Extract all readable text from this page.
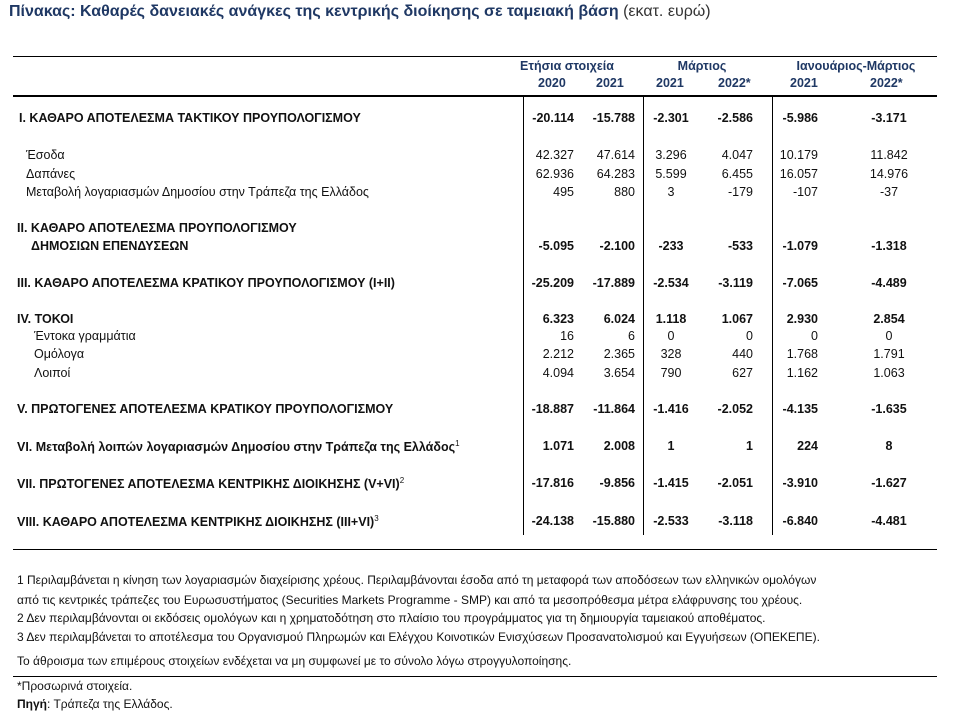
Πίνακας: Καθαρές δανειακές ανάγκες της κεντρικής διοίκησης σε ταμειακή βάση (εκατ. ευρώ)
Ετήσια στοιχεία	Μάρτιος	Ιανουάριος-Μάρτιος
2020 2021	2021	2022*	2021	2022*
I. ΚΑΘΑΡΟ ΑΠΟΤΕΛΕΣΜΑ ΤΑΚΤΙΚΟΥ ΠΡΟΥΠΟΛΟΓΙΣΜΟΥ	-20.114	-15.788	-2.301	-2.586	-5.986	-3.171
Έσοδα	42.327	47.614	3.296	4.047	10.179	11.842
Δαπάνες	62.936	64.283	5.599	6.455	16.057	14.976
Μεταβολή λογαριασμών Δημοσίου στην Τράπεζα της Ελλάδος	495	880	3	-179	-107	-37
II. ΚΑΘΑΡΟ ΑΠΟΤΕΛΕΣΜΑ ΠΡΟΥΠΟΛΟΓΙΣΜΟΥ
ΔΗΜΟΣΙΩΝ ΕΠΕΝΔΥΣΕΩΝ	-5.095	-2.100	-233	-533	-1.079	-1.318
III. ΚΑΘΑΡΟ ΑΠΟΤΕΛΕΣΜΑ ΚΡΑΤΙΚΟΥ ΠΡΟΥΠΟΛΟΓΙΣΜΟΥ (I+II)	-25.209	-17.889	-2.534	-3.119	-7.065	-4.489
IV. ΤΟΚΟΙ	6.323	6.024	1.118	1.067	2.930	2.854
Έντοκα γραμμάτια	16	6	0	0	0	0
Ομόλογα	2.212	2.365	328	440	1.768	1.791
Λοιποί	4.094	3.654	790	627	1.162	1.063
V. ΠΡΩΤΟΓΕΝΕΣ ΑΠΟΤΕΛΕΣΜΑ ΚΡΑΤΙΚΟΥ ΠΡΟΥΠΟΛΟΓΙΣΜΟΥ	-18.887	-11.864	-1.416	-2.052	-4.135	-1.635
VI. Μεταβολή λοιπών λογαριασμών Δημοσίου στην Τράπεζα της Ελλάδος$^1$	1.071	2.008	1	1	224	8
VII. ΠΡΩΤΟΓΕΝΕΣ ΑΠΟΤΕΛΕΣΜΑ ΚΕΝΤΡΙΚΗΣ ΔΙΟΙΚΗΣΗΣ $(V+VI)^2$	-17.816	-9.856	-1.415	-2.051	-3.910	-1.627
VIII. ΚΑΘΑΡΟ ΑΠΟΤΕΛΕΣΜΑ ΚΕΝΤΡΙΚΗΣ ΔΙΟΙΚΗΣΗΣ $(III+VI)^3$	-24.138	-15.880	-2.533	-3.118	-6.840	-4.481
1 Περιλαμβάνεται η κίνηση των λογαριασμών διαχείρισης χρέους. Περιλαμβάνονται έσοδα από τη μεταφορά των αποδόσεων των ελληνικών ομολόγων
από τις κεντρικές τράπεζες του Ευρωσυστήματος (Securities Markets Programme - SMP) και από τα μεσοπρόθεσμα μέτρα ελάφρυνσης του χρέους.
2 Δεν περιλαμβάνονται οι εκδόσεις ομολόγων και η χρηματοδότηση στο πλαίσιο του προγράμματος για τη δημιουργία ταμειακού αποθέματος.
3 Δεν περιλαμβάνεται το αποτέλεσμα του Οργανισμού Πληρωμών και Ελέγχου Κοινοτικών Ενισχύσεων Προσανατολισμού και Εγγυήσεων (ΟΠΕΚΕΠΕ).
Το άθροισμα των επιμέρους στοιχείων ενδέχεται να μη συμφωνεί με το σύνολο λόγω στρογγυλοποίησης.
*Προσωρινά στοιχεία.
Πηγή: Τράπεζα της Ελλάδος.
